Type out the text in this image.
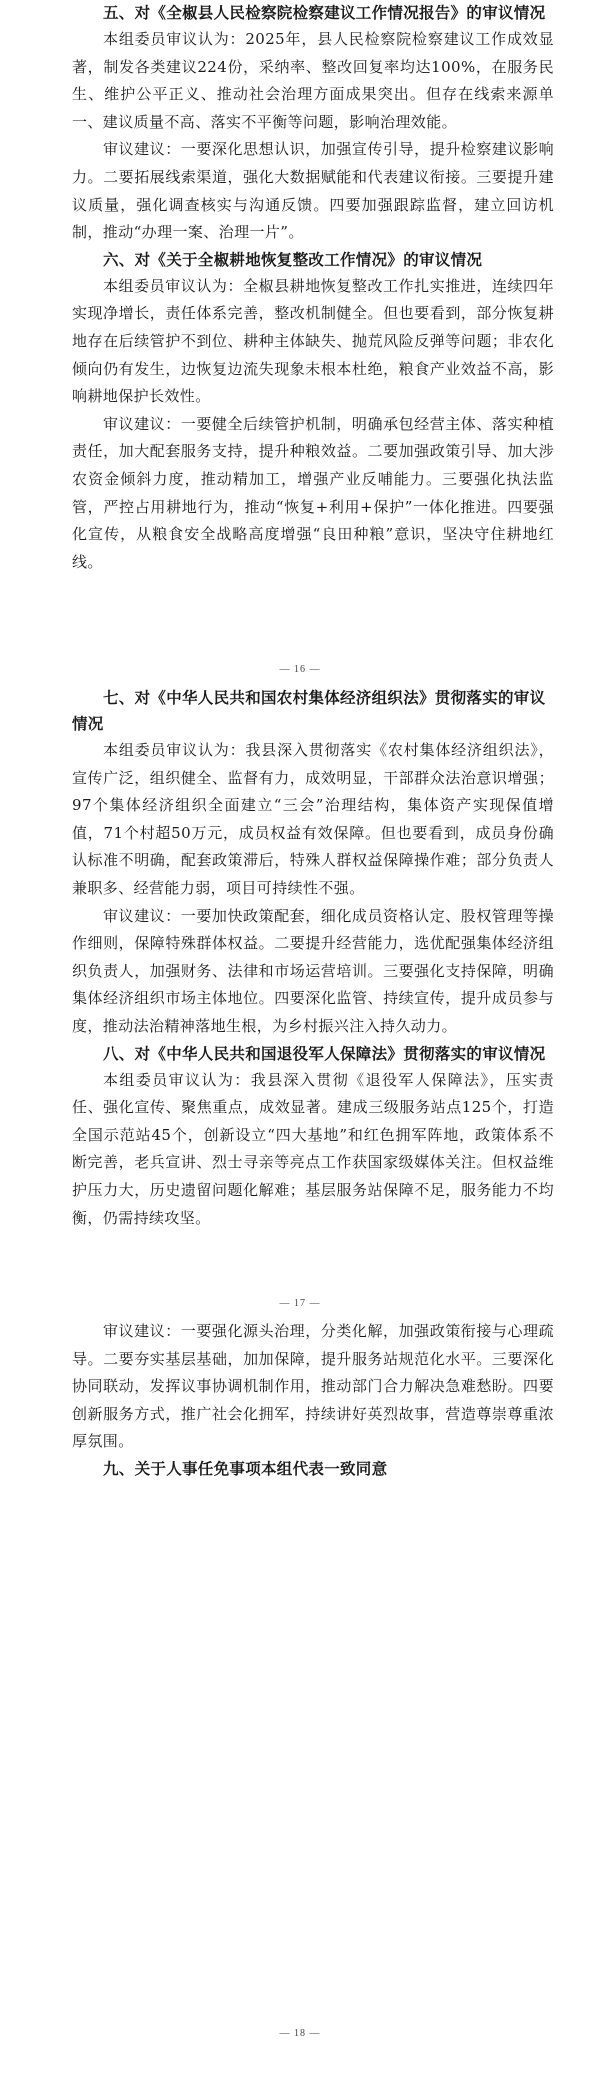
五、对《全椒县人民检察院检察建议工作情况报告》的审议情况

本组委员审议认为：2025年，县人民检察院检察建议工作成效显著，制发各类建议224份，采纳率、整改回复率均达100%，在服务民生、维护公平正义、推动社会治理方面成果突出。但存在线索来源单一、建议质量不高、落实不平衡等问题，影响治理效能。

审议建议：一要深化思想认识，加强宣传引导，提升检察建议影响力。二要拓展线索渠道，强化大数据赋能和代表建议衔接。三要提升建议质量，强化调查核实与沟通反馈。四要加强跟踪监督，建立回访机制，推动“办理一案、治理一片”。

六、对《关于全椒耕地恢复整改工作情况》的审议情况

本组委员审议认为：全椒县耕地恢复整改工作扎实推进，连续四年实现净增长，责任体系完善，整改机制健全。但也要看到，部分恢复耕地存在后续管护不到位、耕种主体缺失、抛荒风险反弹等问题；非农化倾向仍有发生，边恢复边流失现象未根本杜绝，粮食产业效益不高，影响耕地保护长效性。

审议建议：一要健全后续管护机制，明确承包经营主体、落实种植责任，加大配套服务支持，提升种粮效益。二要加强政策引导、加大涉农资金倾斜力度，推动精加工，增强产业反哺能力。三要强化执法监管，严控占用耕地行为，推动“恢复+利用+保护”一体化推进。四要强化宣传，从粮食安全战略高度增强“良田种粮”意识，坚决守住耕地红线。

— 16 —

七、对《中华人民共和国农村集体经济组织法》贯彻落实的审议情况

本组委员审议认为：我县深入贯彻落实《农村集体经济组织法》，宣传广泛，组织健全、监督有力，成效明显，干部群众法治意识增强；97个集体经济组织全面建立“三会”治理结构，集体资产实现保值增值，71个村超50万元，成员权益有效保障。但也要看到，成员身份确认标准不明确，配套政策滞后，特殊人群权益保障操作难；部分负责人兼职多、经营能力弱，项目可持续性不强。

审议建议：一要加快政策配套，细化成员资格认定、股权管理等操作细则，保障特殊群体权益。二要提升经营能力，选优配强集体经济组织负责人，加强财务、法律和市场运营培训。三要强化支持保障，明确集体经济组织市场主体地位。四要深化监管、持续宣传，提升成员参与度，推动法治精神落地生根，为乡村振兴注入持久动力。

八、对《中华人民共和国退役军人保障法》贯彻落实的审议情况

本组委员审议认为：我县深入贯彻《退役军人保障法》，压实责任、强化宣传、聚焦重点，成效显著。建成三级服务站点125个，打造全国示范站45个，创新设立“四大基地”和红色拥军阵地，政策体系不断完善，老兵宣讲、烈士寻亲等亮点工作获国家级媒体关注。但权益维护压力大，历史遗留问题化解难；基层服务站保障不足，服务能力不均衡，仍需持续攻坚。

— 17 —

审议建议：一要强化源头治理，分类化解，加强政策衔接与心理疏导。二要夯实基层基础，加加保障，提升服务站规范化水平。三要深化协同联动，发挥议事协调机制作用，推动部门合力解决急难愁盼。四要创新服务方式，推广社会化拥军，持续讲好英烈故事，营造尊崇尊重浓厚氛围。

九、关于人事任免事项本组代表一致同意

— 18 —
